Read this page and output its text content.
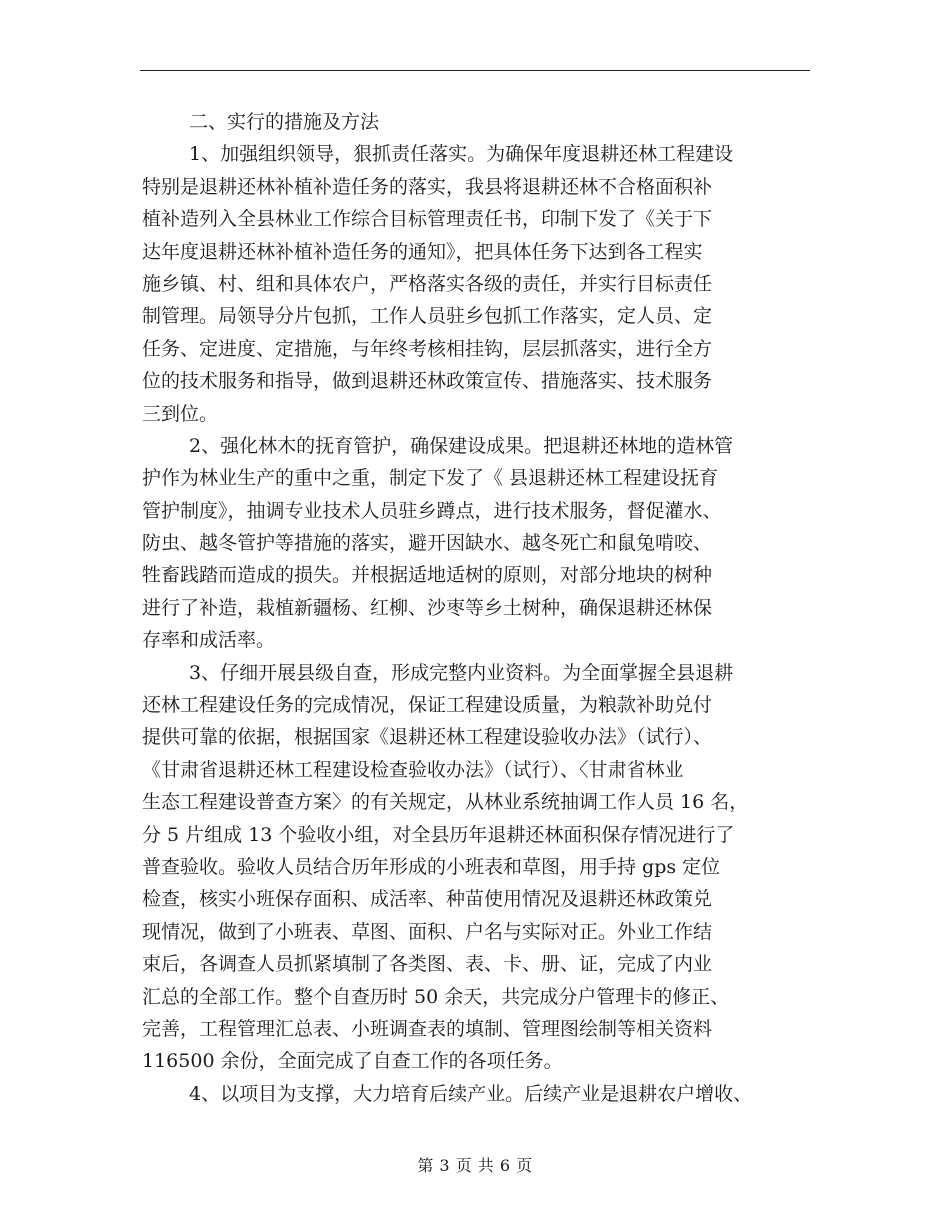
二、实行的措施及方法
1、加强组织领导，狠抓责任落实。为确保年度退耕还林工程建设
特别是退耕还林补植补造任务的落实，我县将退耕还林不合格面积补
植补造列入全县林业工作综合目标管理责任书，印制下发了《关于下
达年度退耕还林补植补造任务的通知》，把具体任务下达到各工程实
施乡镇、村、组和具体农户，严格落实各级的责任，并实行目标责任
制管理。局领导分片包抓，工作人员驻乡包抓工作落实，定人员、定
任务、定进度、定措施，与年终考核相挂钩，层层抓落实，进行全方
位的技术服务和指导，做到退耕还林政策宣传、措施落实、技术服务
三到位。
2、强化林木的抚育管护，确保建设成果。把退耕还林地的造林管
护作为林业生产的重中之重，制定下发了《 县退耕还林工程建设抚育
管护制度》，抽调专业技术人员驻乡蹲点，进行技术服务，督促灌水、
防虫、越冬管护等措施的落实，避开因缺水、越冬死亡和鼠兔啃咬、
牲畜践踏而造成的损失。并根据适地适树的原则，对部分地块的树种
进行了补造，栽植新疆杨、红柳、沙枣等乡土树种，确保退耕还林保
存率和成活率。
3、仔细开展县级自查，形成完整内业资料。为全面掌握全县退耕
还林工程建设任务的完成情况，保证工程建设质量，为粮款补助兑付
提供可靠的依据，根据国家《退耕还林工程建设验收办法》（试行）、
《甘肃省退耕还林工程建设检查验收办法》（试行）、〈甘肃省林业
生态工程建设普查方案〉的有关规定，从林业系统抽调工作人员 16 名，
分 5 片组成 13 个验收小组，对全县历年退耕还林面积保存情况进行了
普查验收。验收人员结合历年形成的小班表和草图，用手持 gps 定位
检查，核实小班保存面积、成活率、种苗使用情况及退耕还林政策兑
现情况，做到了小班表、草图、面积、户名与实际对正。外业工作结
束后，各调查人员抓紧填制了各类图、表、卡、册、证，完成了内业
汇总的全部工作。整个自查历时 50 余天，共完成分户管理卡的修正、
完善，工程管理汇总表、小班调查表的填制、管理图绘制等相关资料
116500 余份，全面完成了自查工作的各项任务。
4、以项目为支撑，大力培育后续产业。后续产业是退耕农户增收、
第 3 页 共 6 页
